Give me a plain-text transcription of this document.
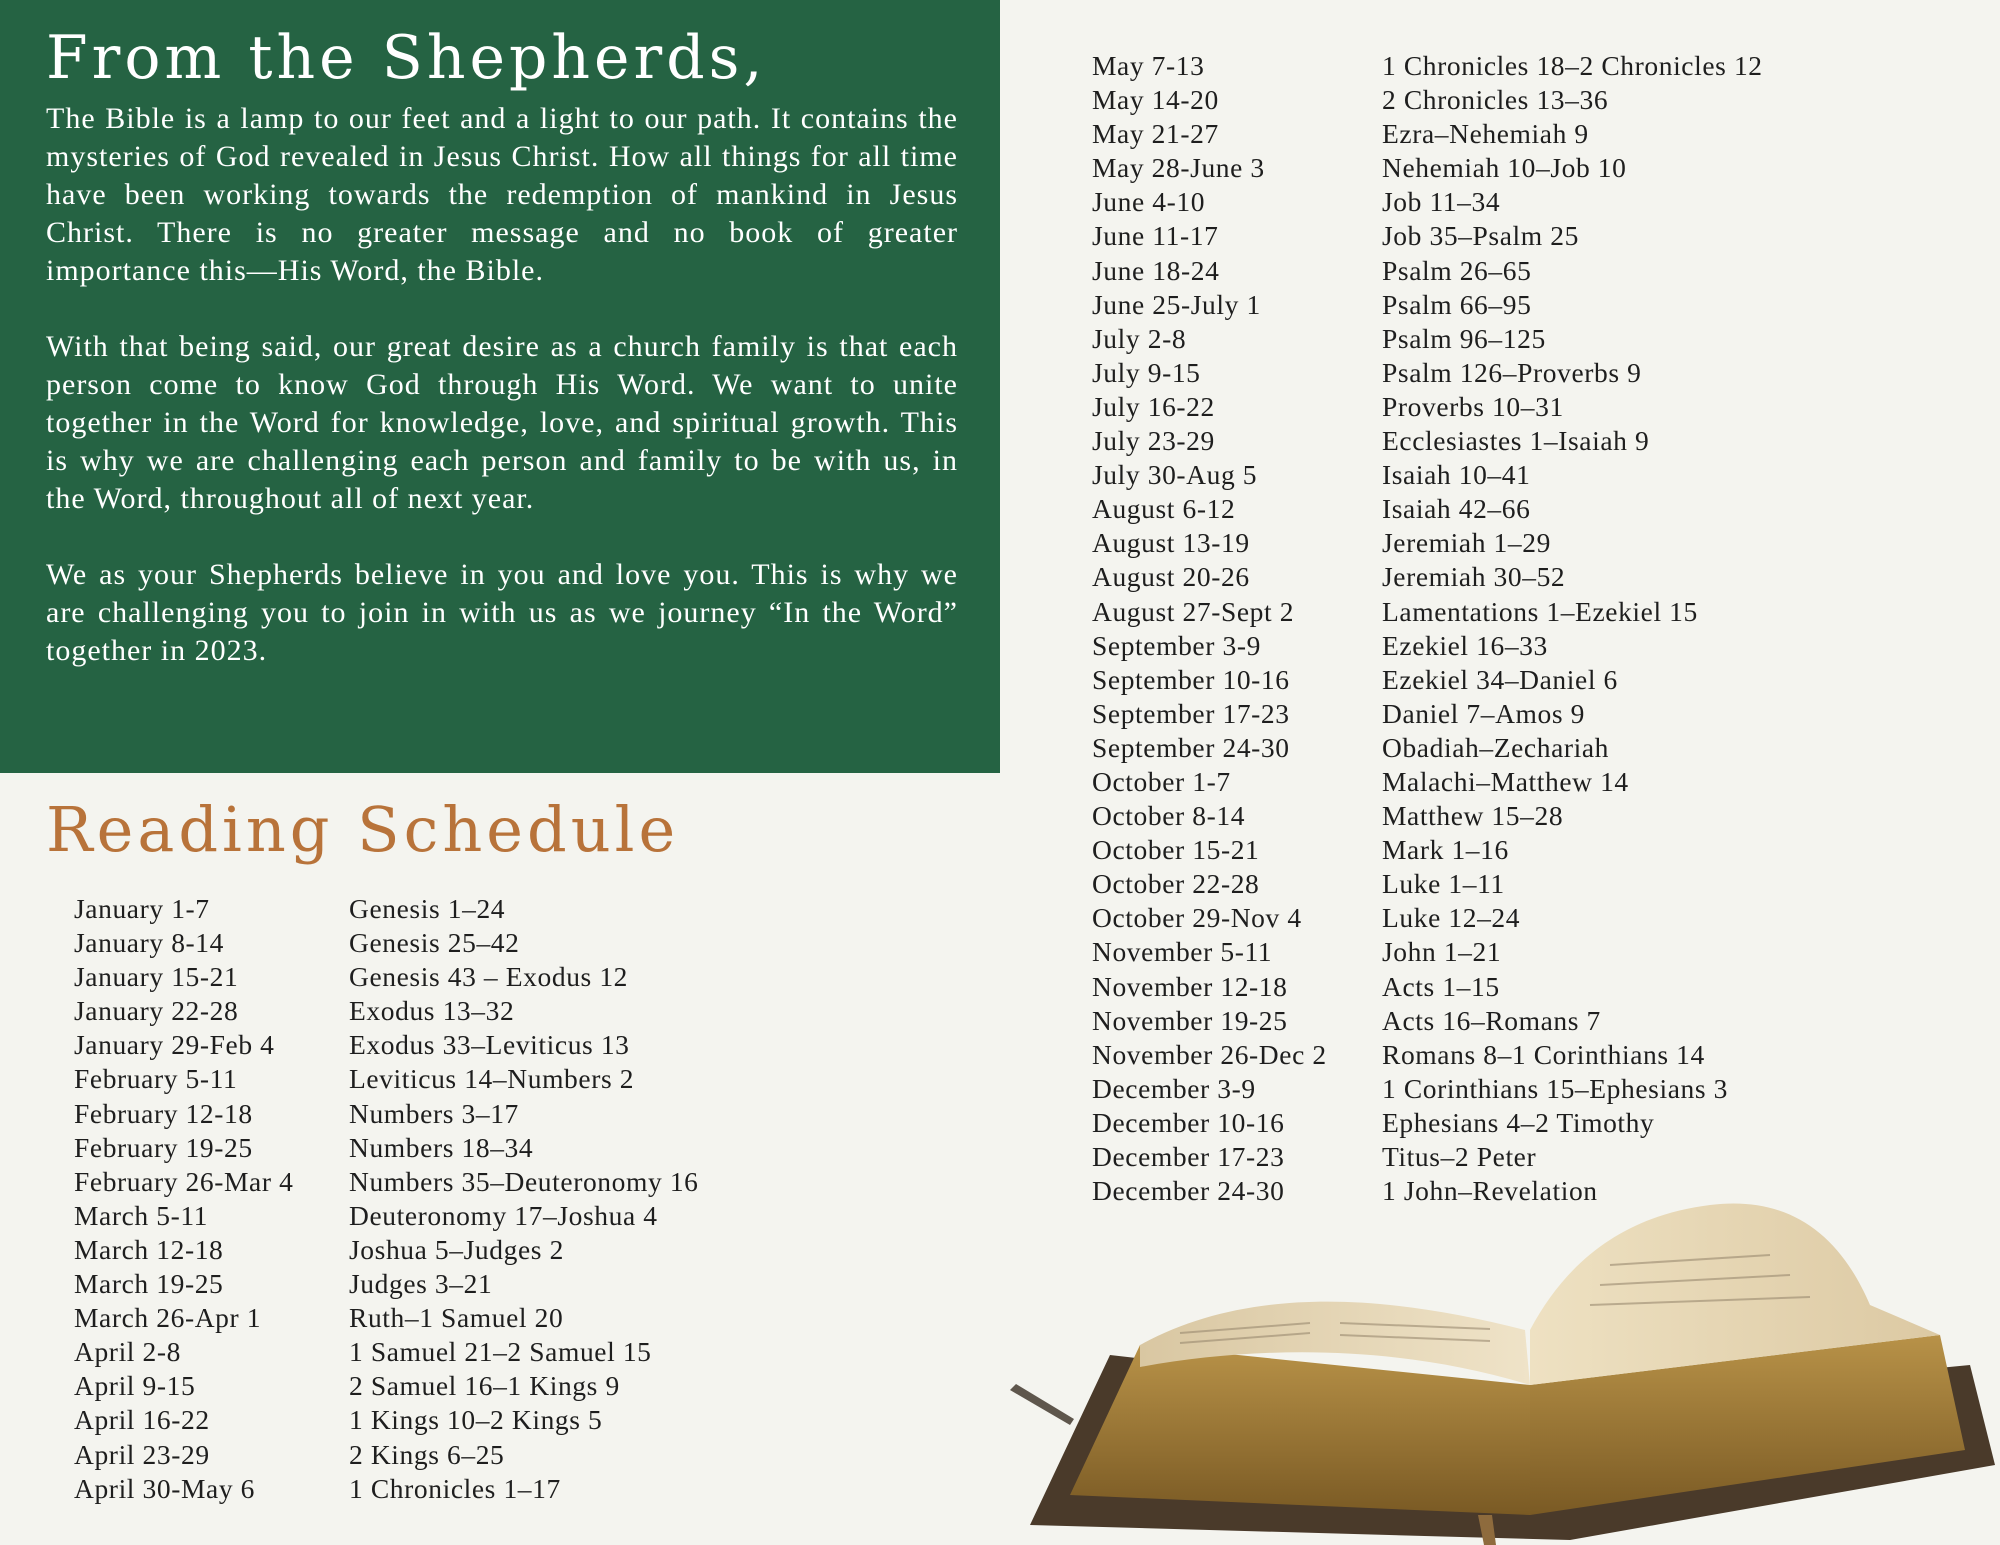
From the Shepherds,

The Bible is a lamp to our feet and a light to our path. It contains the mysteries of God revealed in Jesus Christ. How all things for all time have been working towards the redemption of mankind in Jesus Christ. There is no greater message and no book of greater importance this—His Word, the Bible.

With that being said, our great desire as a church family is that each person come to know God through His Word. We want to unite together in the Word for knowledge, love, and spiritual growth. This is why we are challenging each person and family to be with us, in the Word, throughout all of next year.

We as your Shepherds believe in you and love you. This is why we are challenging you to join in with us as we journey “In the Word” together in 2023.

Reading Schedule
January 1-7	Genesis 1–24
January 8-14	Genesis 25–42
January 15-21	Genesis 43 – Exodus 12
January 22-28	Exodus 13–32
January 29-Feb 4	Exodus 33–Leviticus 13
February 5-11	Leviticus 14–Numbers 2
February 12-18	Numbers 3–17
February 19-25	Numbers 18–34
February 26-Mar 4	Numbers 35–Deuteronomy 16
March 5-11	Deuteronomy 17–Joshua 4
March 12-18	Joshua 5–Judges 2
March 19-25	Judges 3–21
March 26-Apr 1	Ruth–1 Samuel 20
April 2-8	1 Samuel 21–2 Samuel 15
April 9-15	2 Samuel 16–1 Kings 9
April 16-22	1 Kings 10–2 Kings 5
April 23-29	2 Kings 6–25
April 30-May 6	1 Chronicles 1–17
May 7-13	1 Chronicles 18–2 Chronicles 12
May 14-20	2 Chronicles 13–36
May 21-27	Ezra–Nehemiah 9
May 28-June 3	Nehemiah 10–Job 10
June 4-10	Job 11–34
June 11-17	Job 35–Psalm 25
June 18-24	Psalm 26–65
June 25-July 1	Psalm 66–95
July 2-8	Psalm 96–125
July 9-15	Psalm 126–Proverbs 9
July 16-22	Proverbs 10–31
July 23-29	Ecclesiastes 1–Isaiah 9
July 30-Aug 5	Isaiah 10–41
August 6-12	Isaiah 42–66
August 13-19	Jeremiah 1–29
August 20-26	Jeremiah 30–52
August 27-Sept 2	Lamentations 1–Ezekiel 15
September 3-9	Ezekiel 16–33
September 10-16	Ezekiel 34–Daniel 6
September 17-23	Daniel 7–Amos 9
September 24-30	Obadiah–Zechariah
October 1-7	Malachi–Matthew 14
October 8-14	Matthew 15–28
October 15-21	Mark 1–16
October 22-28	Luke 1–11
October 29-Nov 4	Luke 12–24
November 5-11	John 1–21
November 12-18	Acts 1–15
November 19-25	Acts 16–Romans 7
November 26-Dec 2	Romans 8–1 Corinthians 14
December 3-9	1 Corinthians 15–Ephesians 3
December 10-16	Ephesians 4–2 Timothy
December 17-23	Titus–2 Peter
December 24-30	1 John–Revelation
